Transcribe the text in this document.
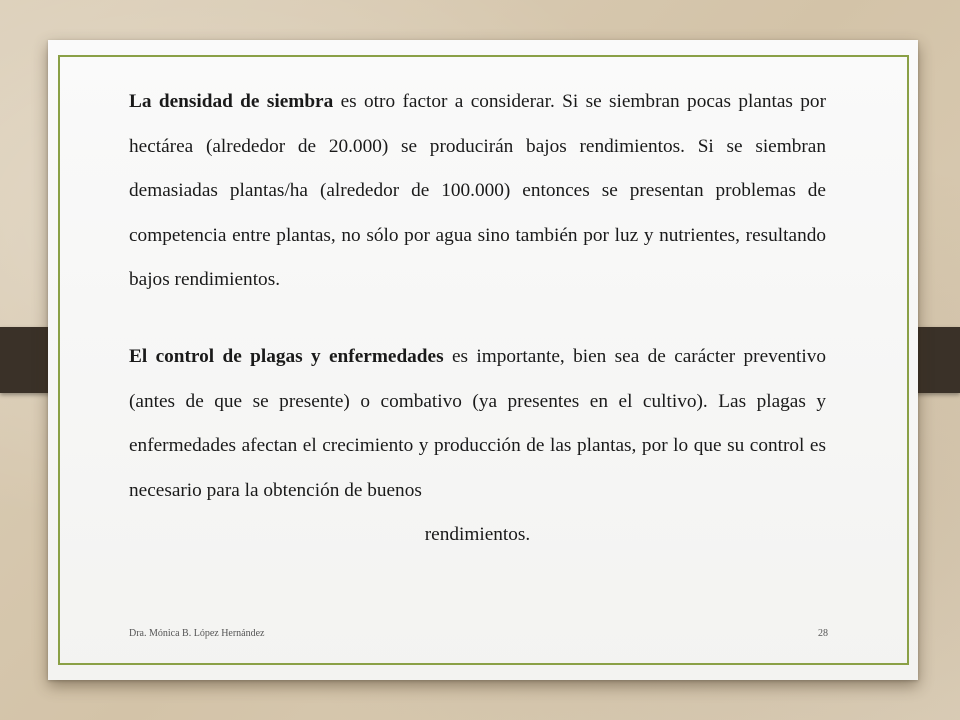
La densidad de siembra es otro factor a considerar. Si se siembran pocas plantas por hectárea (alrededor de 20.000) se producirán bajos rendimientos. Si se siembran demasiadas plantas/ha (alrededor de 100.000) entonces se presentan problemas de competencia entre plantas, no sólo por agua sino también por luz y nutrientes, resultando bajos rendimientos.

El control de plagas y enfermedades es importante, bien sea de carácter preventivo (antes de que se presente) o combativo (ya presentes en el cultivo). Las plagas y enfermedades afectan el crecimiento y producción de las plantas, por lo que su control es necesario para la obtención de buenos

rendimientos.
Dra. Mónica B. López Hernández	28
